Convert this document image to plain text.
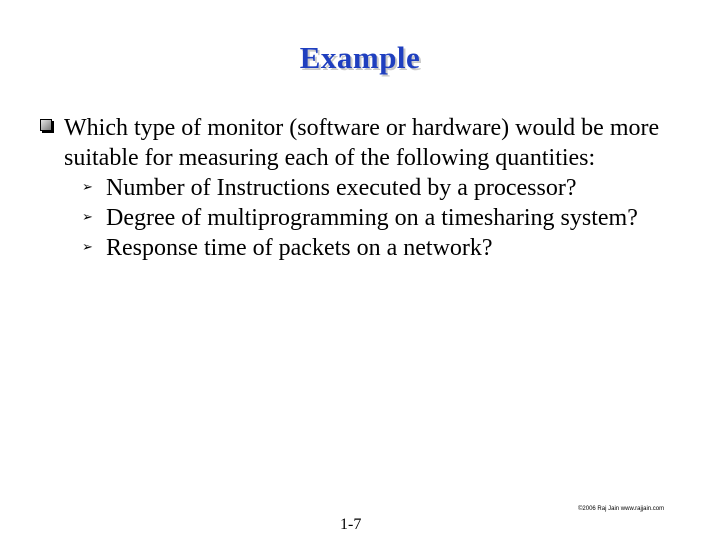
Example
Which type of monitor (software or hardware) would be more suitable for measuring each of the following quantities:
➢ Number of Instructions executed by a processor?
➢ Degree of multiprogramming on a timesharing system?
➢ Response time of packets on a network?
©2006 Raj Jain www.rajjain.com
1-7
